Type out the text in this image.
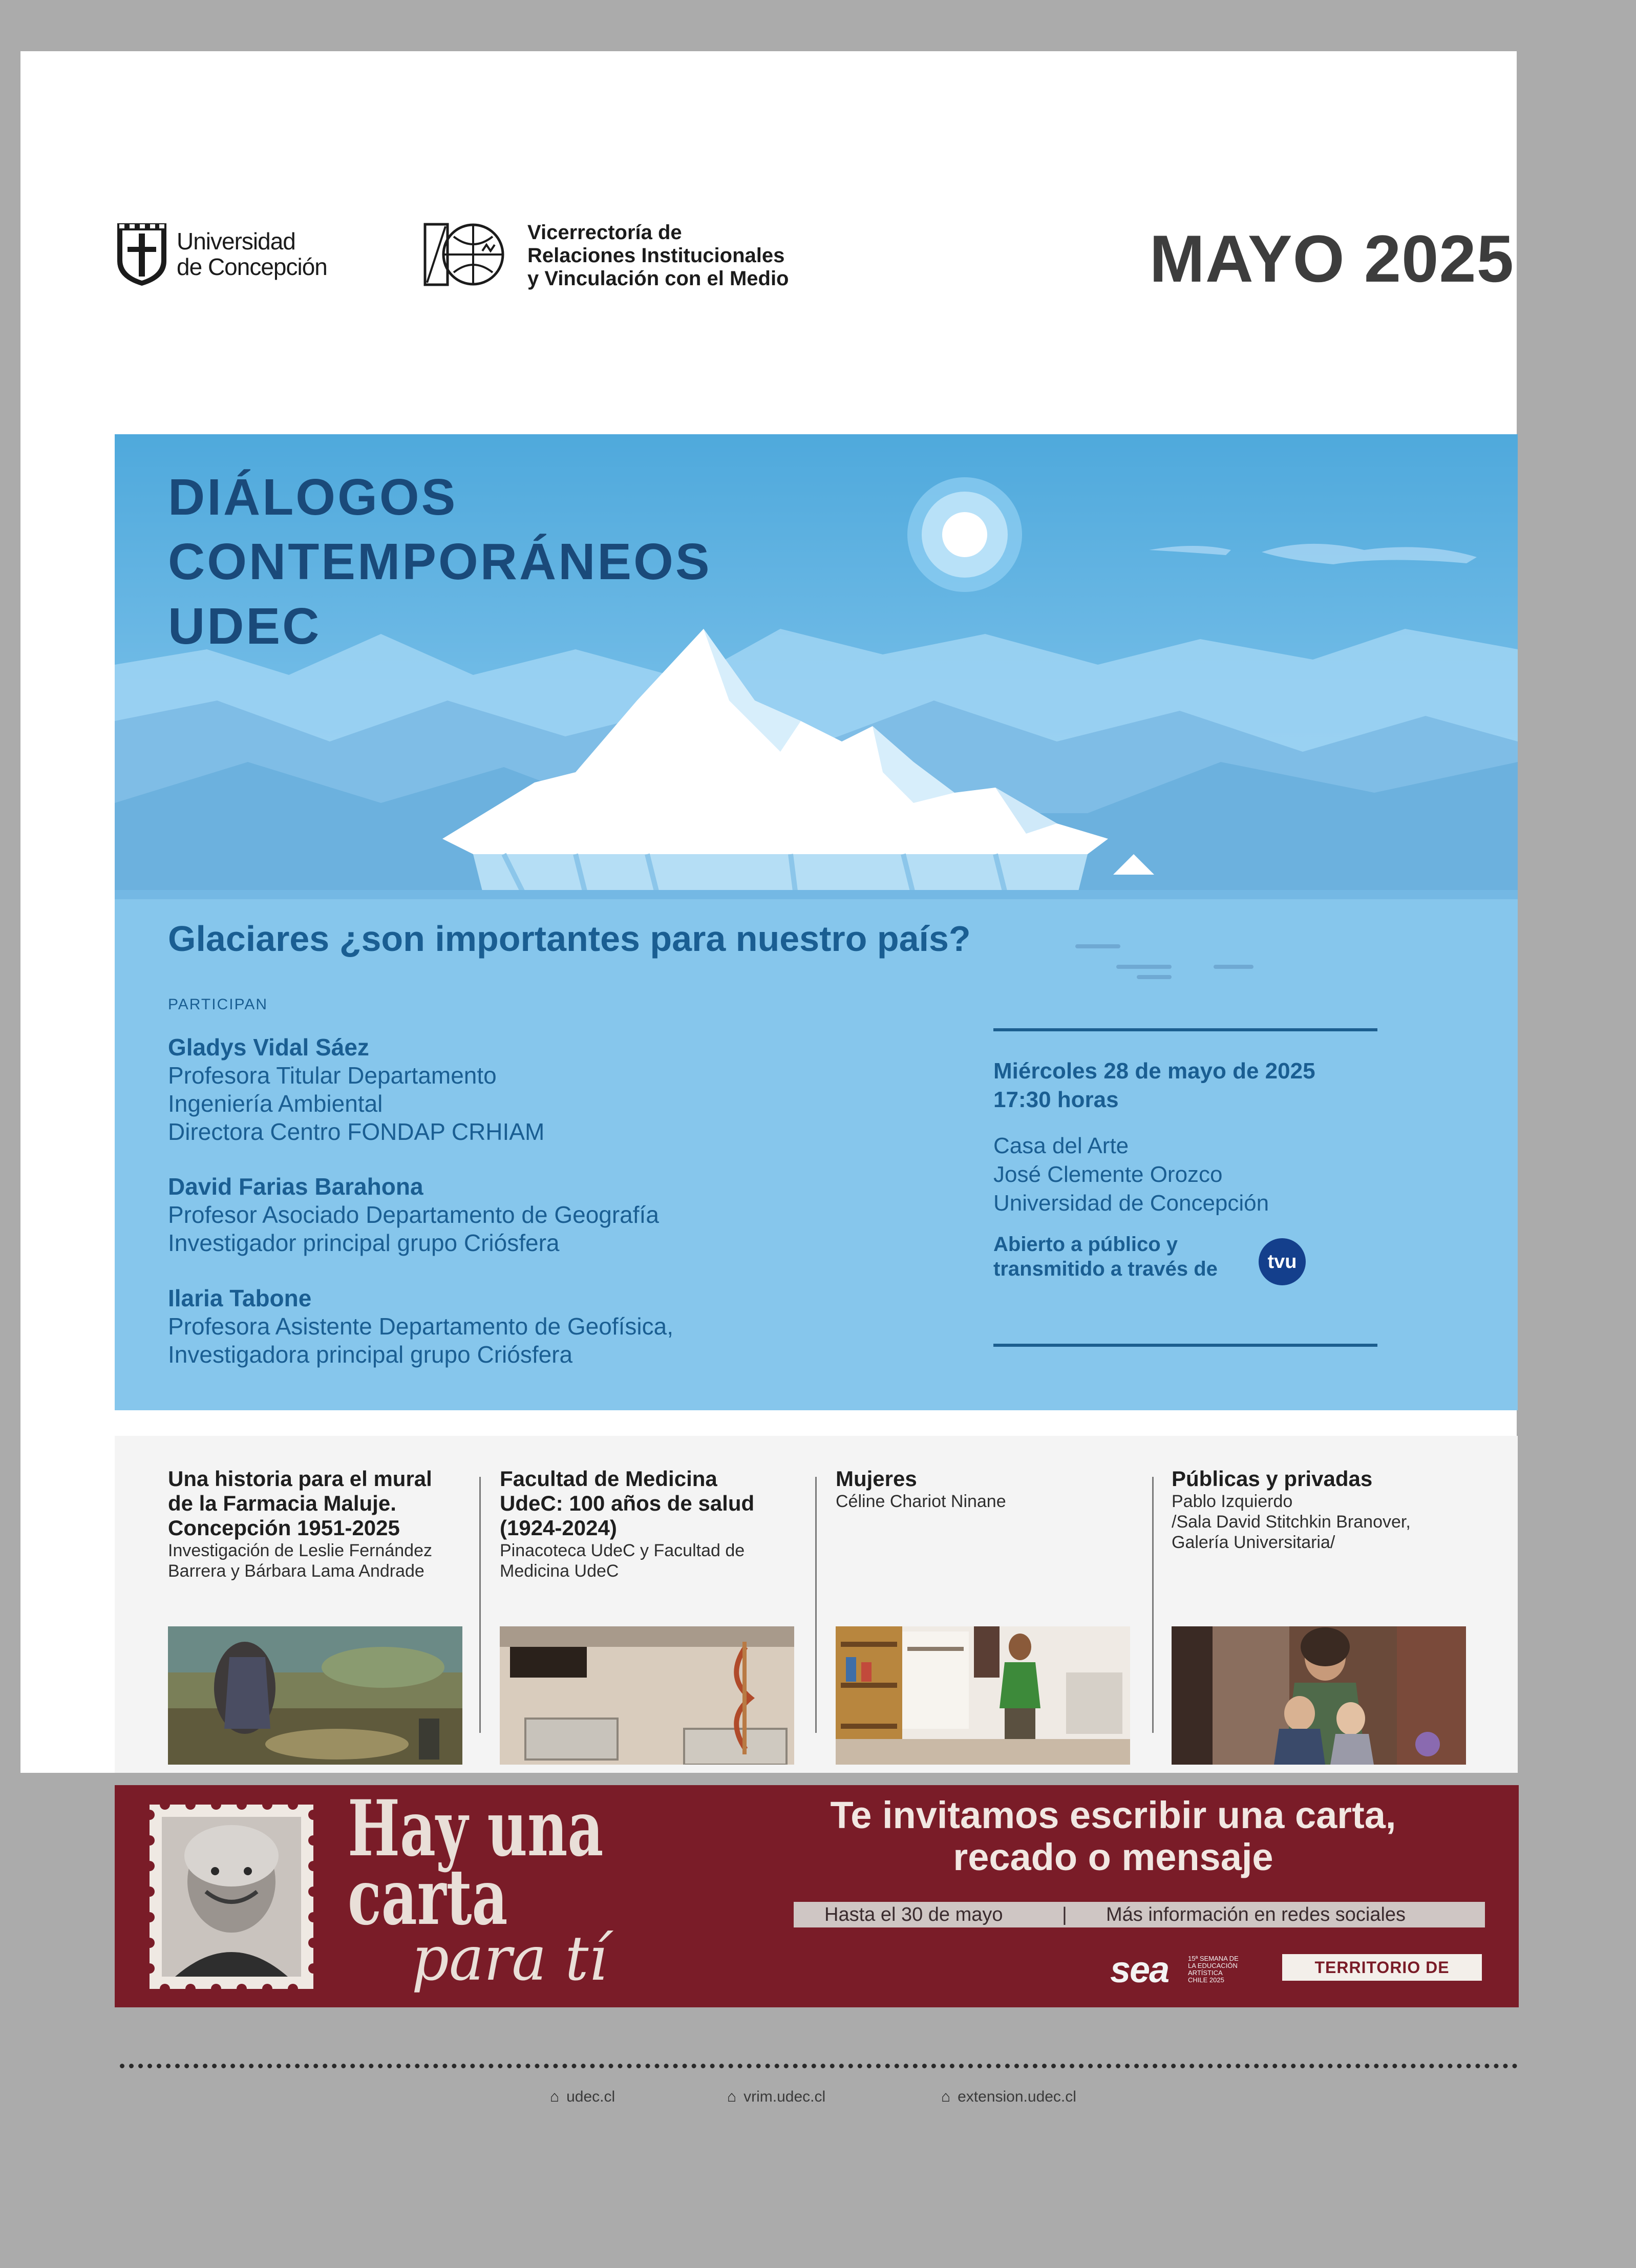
Universidad
de Concepción
Vicerrectoría de
Relaciones Institucionales
y Vinculación con el Medio	MAYO 2025
DIÁLOGOS
CONTEMPORÁNEOS
UDEC
Glaciares ¿son importantes para nuestro país?
PARTICIPAN
Gladys Vidal Sáez
Profesora Titular Departamento
Ingeniería Ambiental
Directora Centro FONDAP CRHIAM
David Farias Barahona
Profesor Asociado Departamento de Geografía
Investigador principal grupo Criósfera
Ilaria Tabone
Profesora Asistente Departamento de Geofísica,
Investigadora principal grupo Criósfera
Miércoles 28 de mayo de 2025
17:30 horas
Casa del Arte
José Clemente Orozco
Universidad de Concepción
Abierto a público y
transmitido a través de	tvu
Una historia para el mural
de la Farmacia Maluje.
Concepción 1951-2025
Investigación de Leslie Fernández
Barrera y Bárbara Lama Andrade
Facultad de Medicina
UdeC: 100 años de salud
(1924-2024)
Pinacoteca UdeC y Facultad de
Medicina UdeC
Mujeres
Céline Chariot Ninane
Públicas y privadas
Pablo Izquierdo
/Sala David Stitchkin Branover,
Galería Universitaria/
Hay una
carta
para tí
Te invitamos escribir una carta,
recado o mensaje
Hasta el 30 de mayo	| Más información en redes sociales
sea	15ª SEMANA DE
LA EDUCACIÓN
ARTÍSTICA
CHILE 2025
TERRITORIO DE RECADOS
⌂ udec.cl	⌂ vrim.udec.cl	⌂ extension.udec.cl
